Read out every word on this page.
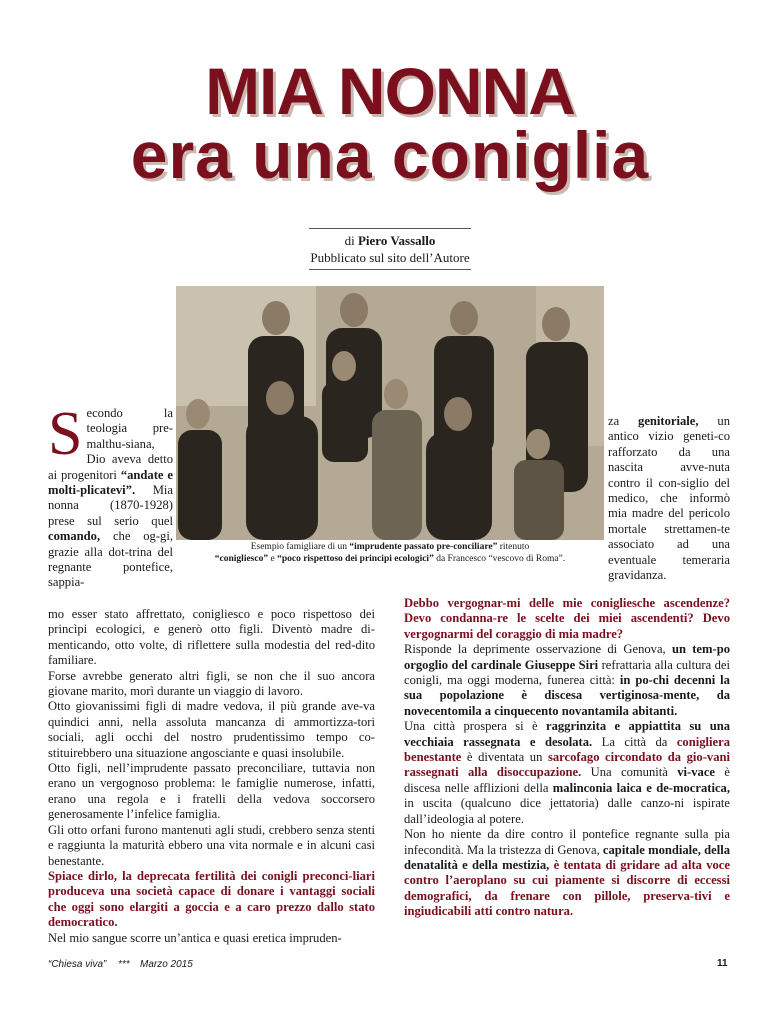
MIA NONNA
era una coniglia
di Piero Vassallo
Pubblicato sul sito dell’Autore
Esempio famigliare di un “imprudente passato pre-conciliare” ritenuto
“conigliesco” e “poco rispettoso dei principi ecologici” da Francesco “vescovo di Roma”.

Secondo la teologia pre-malthu-siana, Dio aveva detto ai progenitori “andate e molti-plicatevi”. Mia nonna (1870-1928) prese sul serio quel comando, che og-gi, grazie alla dot-trina del regnante pontefice, sappia-

mo esser stato affrettato, conigliesco e poco rispettoso dei princìpi ecologici, e generò otto figli. Diventò madre di-menticando, otto volte, di riflettere sulla modestia del red-dito familiare.

Forse avrebbe generato altri figli, se non che il suo ancora giovane marito, morì durante un viaggio di lavoro.

Otto giovanissimi figli di madre vedova, il più grande ave-va quindici anni, nella assoluta mancanza di ammortizza-tori sociali, agli occhi del nostro prudentissimo tempo co-stituirebbero una situazione angosciante e quasi insolubile.

Otto figli, nell’imprudente passato preconciliare, tuttavia non erano un vergognoso problema: le famiglie numerose, infatti, erano una regola e i fratelli della vedova soccorsero generosamente l’infelice famiglia.

Gli otto orfani furono mantenuti agli studi, crebbero senza stenti e raggiunta la maturità ebbero una vita normale e in alcuni casi benestante.

Spiace dirlo, la deprecata fertilità dei conigli preconci-liari produceva una società capace di donare i vantaggi sociali che oggi sono elargiti a goccia e a caro prezzo dallo stato democratico.

Nel mio sangue scorre un’antica e quasi eretica impruden-

za genitoriale, un antico vizio geneti-co rafforzato da una nascita avve-nuta contro il con-siglio del medico, che informò mia madre del pericolo mortale strettamen-te associato ad una eventuale temeraria gravidanza.

Debbo vergognar-mi delle mie conigliesche ascendenze? Devo condanna-re le scelte dei miei ascendenti? Devo vergognarmi del coraggio di mia madre?

Risponde la deprimente osservazione di Genova, un tem-po orgoglio del cardinale Giuseppe Siri refrattaria alla cultura dei conigli, ma oggi moderna, funerea città: in po-chi decenni la sua popolazione è discesa vertiginosa-mente, da novecentomila a cinquecento novantamila abitanti.

Una città prospera si è raggrinzita e appiattita su una vecchiaia rassegnata e desolata. La città da conigliera benestante è diventata un sarcofago circondato da gio-vani rassegnati alla disoccupazione. Una comunità vi-vace è discesa nelle afflizioni della malinconia laica e de-mocratica, in uscita (qualcuno dice jettatoria) dalle canzo-ni ispirate dall’ideologia al potere.

Non ho niente da dire contro il pontefice regnante sulla pia infecondità. Ma la tristezza di Genova, capitale mondiale, della denatalità e della mestizia, è tentata di gridare ad alta voce contro l’aeroplano su cui piamente si discorre di eccessi demografici, da frenare con pillole, preserva-tivi e ingiudicabili atti contro natura.

“Chiesa viva” *** Marzo 2015	11
